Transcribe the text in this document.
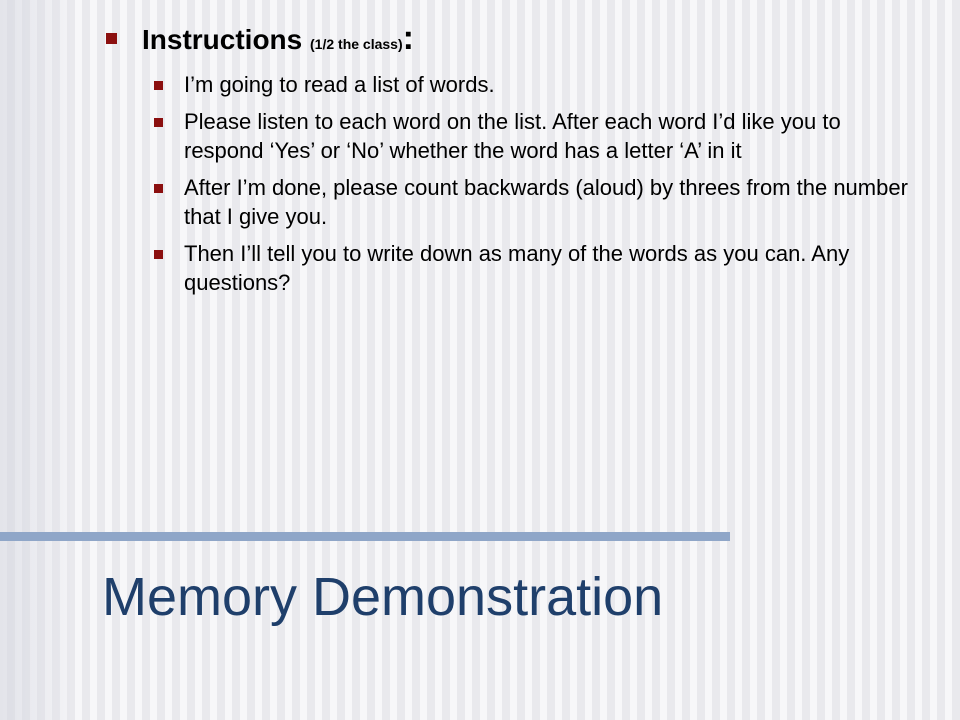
Instructions (1/2 the class):
I’m going to read a list of words.
Please listen to each word on the list. After each word I’d like you to respond ‘Yes’ or ‘No’ whether the word has a letter ‘A’ in it
After I’m done, please count backwards (aloud) by threes from the number that I give you.
Then I’ll tell you to write down as many of the words as you can. Any questions?
Memory Demonstration
